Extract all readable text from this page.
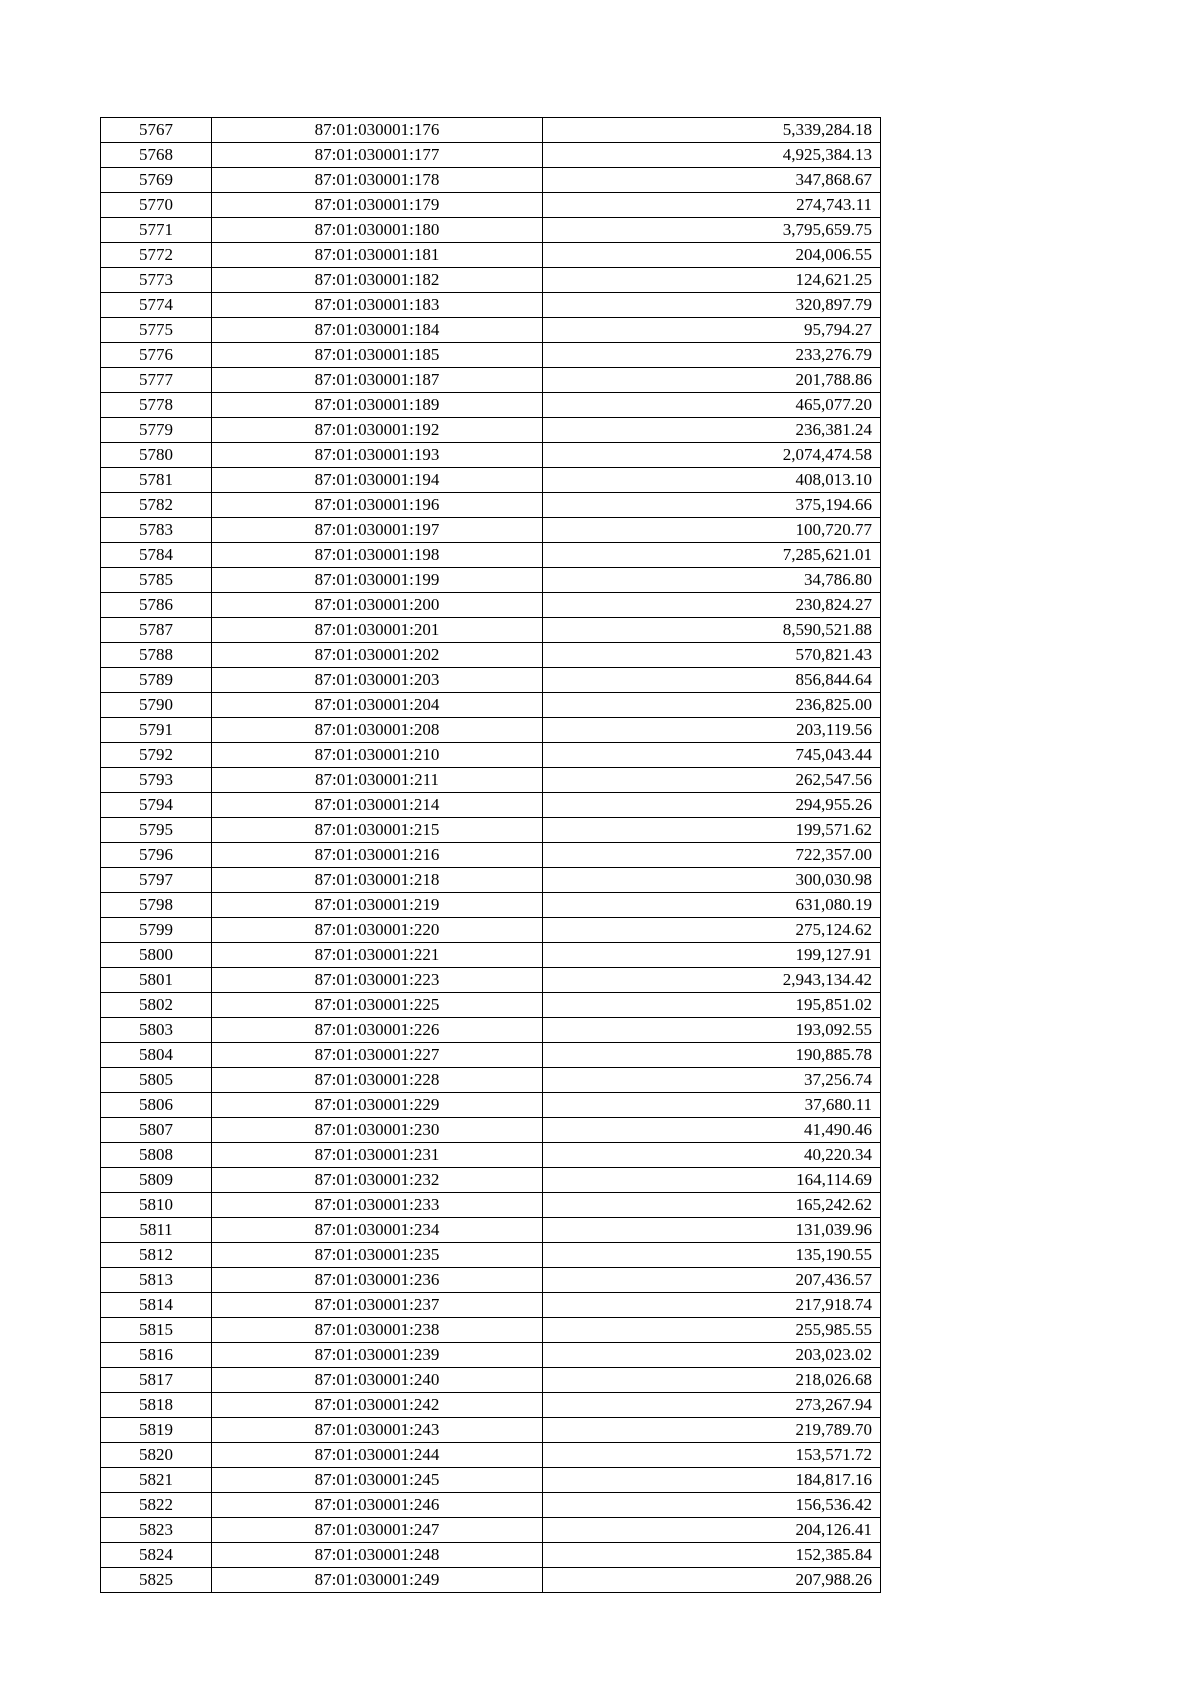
5767	87:01:030001:176	5,339,284.18
5768	87:01:030001:177	4,925,384.13
5769	87:01:030001:178	347,868.67
5770	87:01:030001:179	274,743.11
5771	87:01:030001:180	3,795,659.75
5772	87:01:030001:181	204,006.55
5773	87:01:030001:182	124,621.25
5774	87:01:030001:183	320,897.79
5775	87:01:030001:184	95,794.27
5776	87:01:030001:185	233,276.79
5777	87:01:030001:187	201,788.86
5778	87:01:030001:189	465,077.20
5779	87:01:030001:192	236,381.24
5780	87:01:030001:193	2,074,474.58
5781	87:01:030001:194	408,013.10
5782	87:01:030001:196	375,194.66
5783	87:01:030001:197	100,720.77
5784	87:01:030001:198	7,285,621.01
5785	87:01:030001:199	34,786.80
5786	87:01:030001:200	230,824.27
5787	87:01:030001:201	8,590,521.88
5788	87:01:030001:202	570,821.43
5789	87:01:030001:203	856,844.64
5790	87:01:030001:204	236,825.00
5791	87:01:030001:208	203,119.56
5792	87:01:030001:210	745,043.44
5793	87:01:030001:211	262,547.56
5794	87:01:030001:214	294,955.26
5795	87:01:030001:215	199,571.62
5796	87:01:030001:216	722,357.00
5797	87:01:030001:218	300,030.98
5798	87:01:030001:219	631,080.19
5799	87:01:030001:220	275,124.62
5800	87:01:030001:221	199,127.91
5801	87:01:030001:223	2,943,134.42
5802	87:01:030001:225	195,851.02
5803	87:01:030001:226	193,092.55
5804	87:01:030001:227	190,885.78
5805	87:01:030001:228	37,256.74
5806	87:01:030001:229	37,680.11
5807	87:01:030001:230	41,490.46
5808	87:01:030001:231	40,220.34
5809	87:01:030001:232	164,114.69
5810	87:01:030001:233	165,242.62
5811	87:01:030001:234	131,039.96
5812	87:01:030001:235	135,190.55
5813	87:01:030001:236	207,436.57
5814	87:01:030001:237	217,918.74
5815	87:01:030001:238	255,985.55
5816	87:01:030001:239	203,023.02
5817	87:01:030001:240	218,026.68
5818	87:01:030001:242	273,267.94
5819	87:01:030001:243	219,789.70
5820	87:01:030001:244	153,571.72
5821	87:01:030001:245	184,817.16
5822	87:01:030001:246	156,536.42
5823	87:01:030001:247	204,126.41
5824	87:01:030001:248	152,385.84
5825	87:01:030001:249	207,988.26
